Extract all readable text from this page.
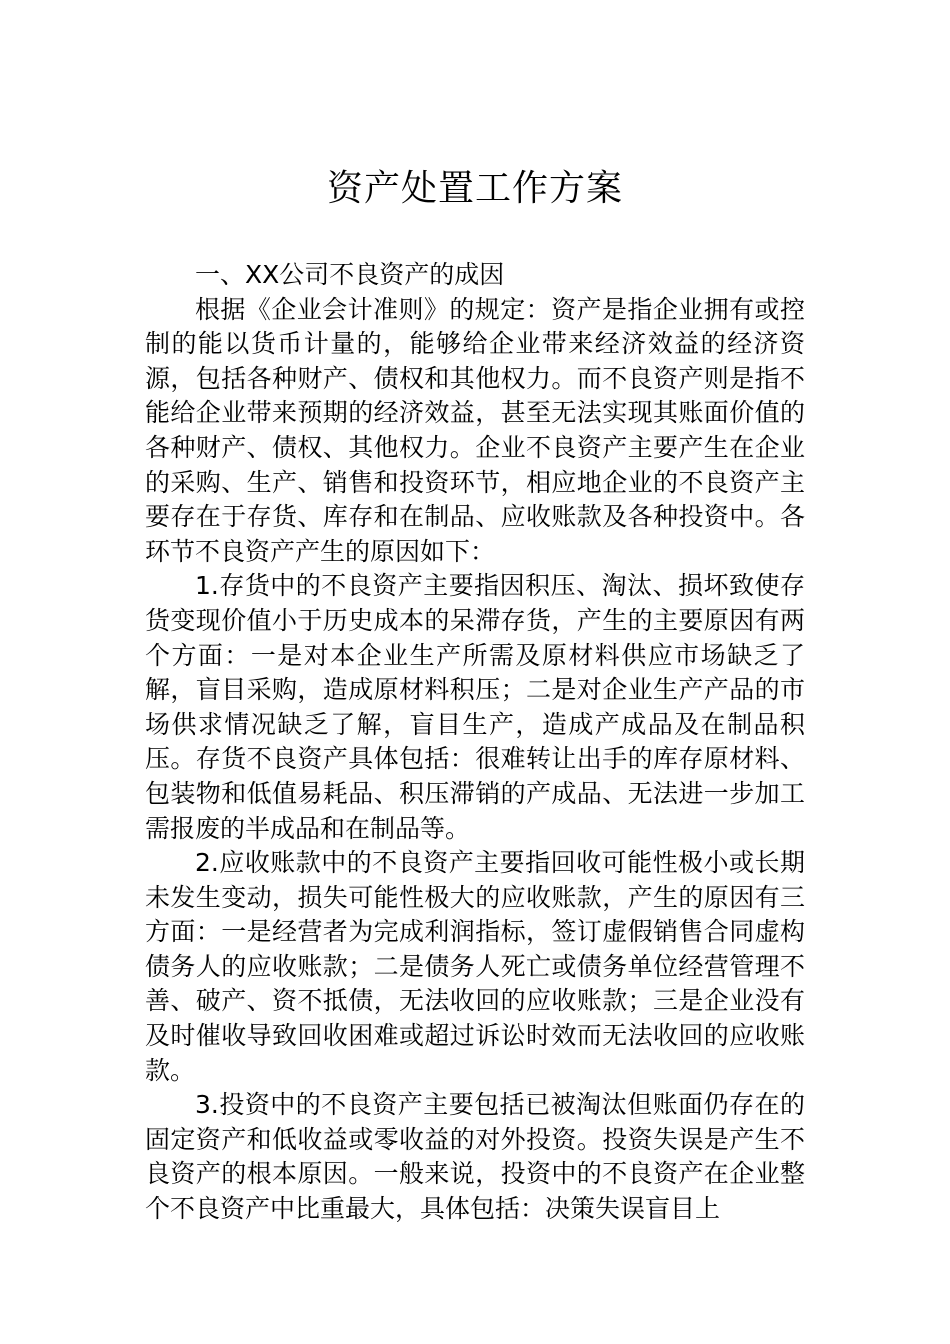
资产处置工作方案

一、XX公司不良资产的成因

根据《企业会计准则》的规定：资产是指企业拥有或控制的能以货币计量的，能够给企业带来经济效益的经济资源，包括各种财产、债权和其他权力。而不良资产则是指不能给企业带来预期的经济效益，甚至无法实现其账面价值的各种财产、债权、其他权力。企业不良资产主要产生在企业的采购、生产、销售和投资环节，相应地企业的不良资产主要存在于存货、库存和在制品、应收账款及各种投资中。各环节不良资产产生的原因如下：

1.存货中的不良资产主要指因积压、淘汰、损坏致使存货变现价值小于历史成本的呆滞存货，产生的主要原因有两个方面：一是对本企业生产所需及原材料供应市场缺乏了解，盲目采购，造成原材料积压；二是对企业生产产品的市场供求情况缺乏了解，盲目生产，造成产成品及在制品积压。存货不良资产具体包括：很难转让出手的库存原材料、包装物和低值易耗品、积压滞销的产成品、无法进一步加工需报废的半成品和在制品等。

2.应收账款中的不良资产主要指回收可能性极小或长期未发生变动，损失可能性极大的应收账款，产生的原因有三方面：一是经营者为完成利润指标，签订虚假销售合同虚构债务人的应收账款；二是债务人死亡或债务单位经营管理不善、破产、资不抵债，无法收回的应收账款；三是企业没有及时催收导致回收困难或超过诉讼时效而无法收回的应收账款。

3.投资中的不良资产主要包括已被淘汰但账面仍存在的固定资产和低收益或零收益的对外投资。投资失误是产生不良资产的根本原因。一般来说，投资中的不良资产在企业整个不良资产中比重最大，具体包括：决策失误盲目上
